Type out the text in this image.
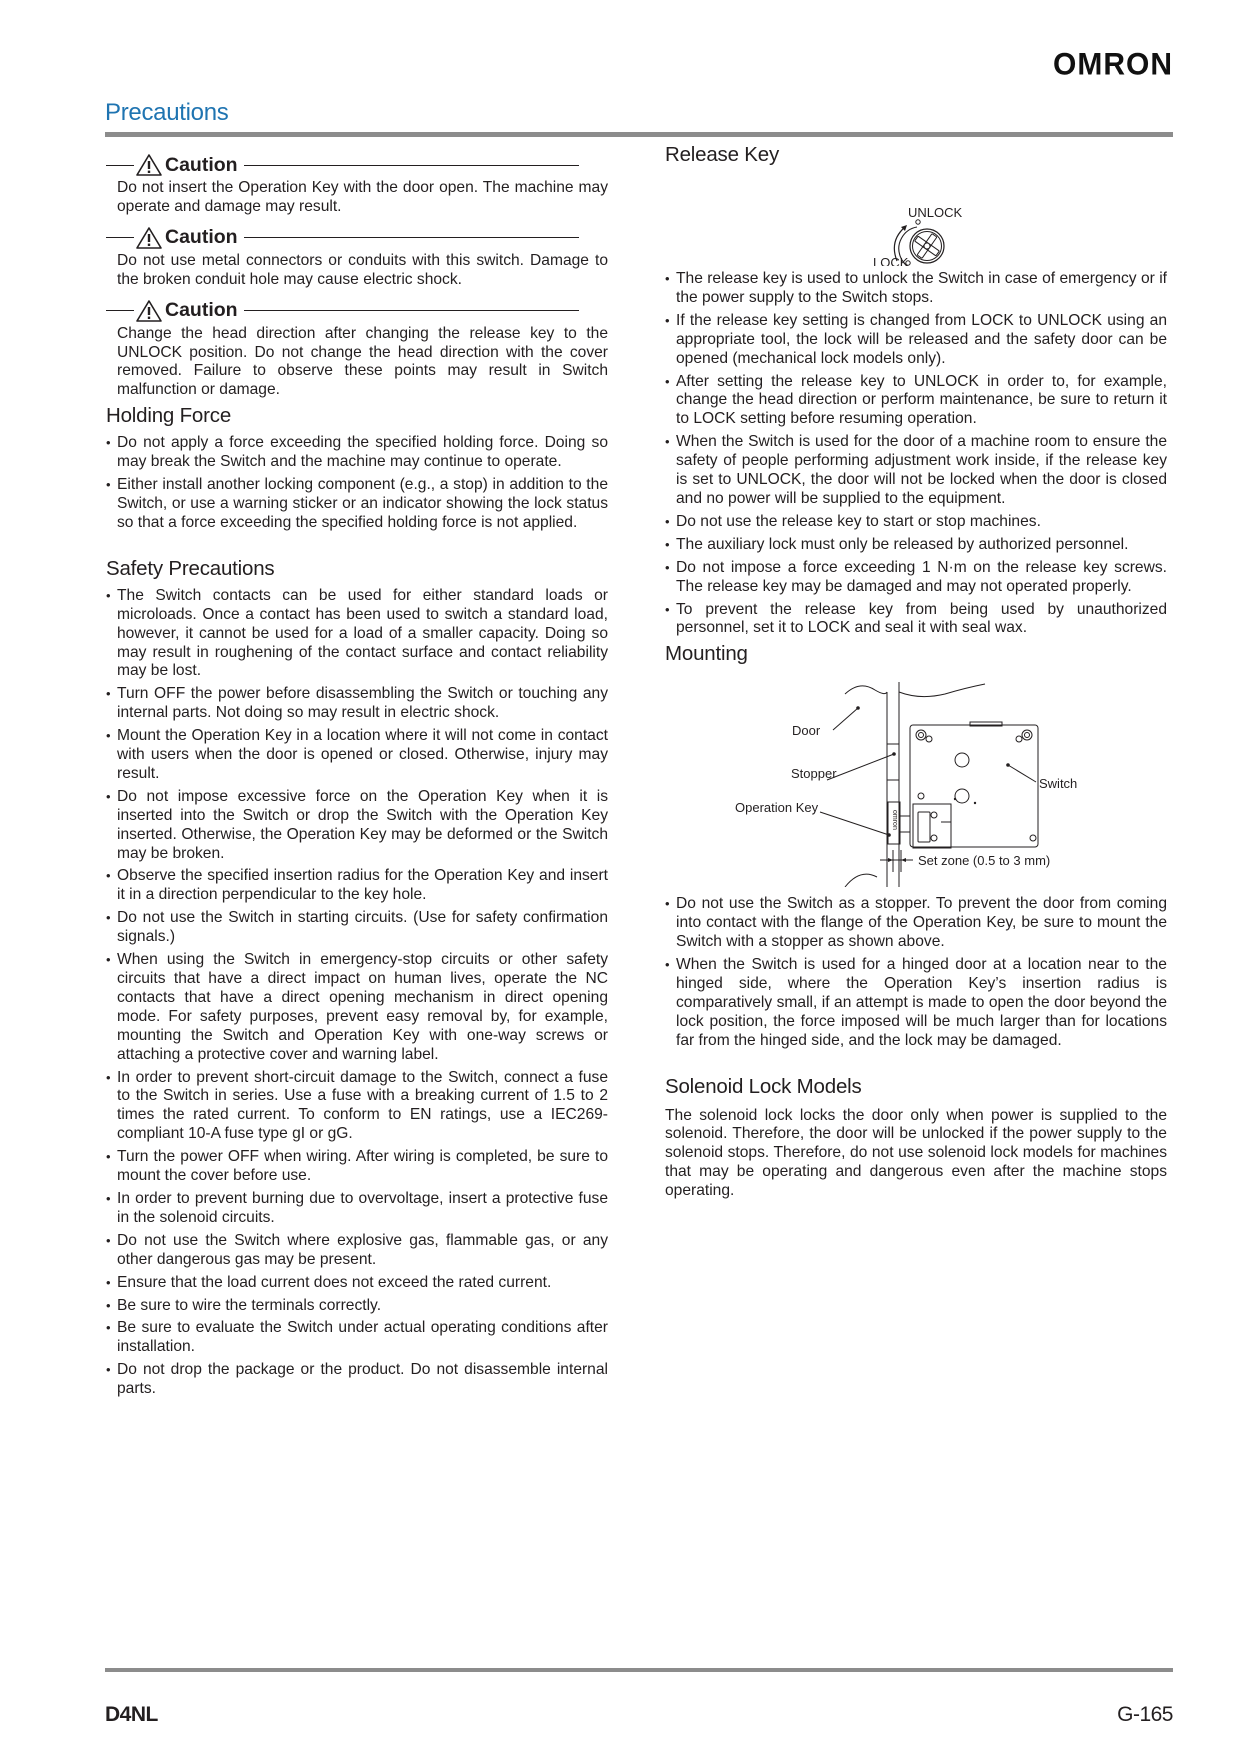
OMRON
Precautions
Caution
Do not insert the Operation Key with the door open. The machine may operate and damage may result.
Caution
Do not use metal connectors or conduits with this switch. Damage to the broken conduit hole may cause electric shock.
Caution
Change the head direction after changing the release key to the UNLOCK position. Do not change the head direction with the cover removed. Failure to observe these points may result in Switch malfunction or damage.
Holding Force
• Do not apply a force exceeding the specified holding force. Doing so may break the Switch and the machine may continue to operate.
• Either install another locking component (e.g., a stop) in addition to the Switch, or use a warning sticker or an indicator showing the lock status so that a force exceeding the specified holding force is not applied.
Safety Precautions
• The Switch contacts can be used for either standard loads or microloads. Once a contact has been used to switch a standard load, however, it cannot be used for a load of a smaller capacity. Doing so may result in roughening of the contact surface and contact reliability may be lost.
• Turn OFF the power before disassembling the Switch or touching any internal parts. Not doing so may result in electric shock.
• Mount the Operation Key in a location where it will not come in contact with users when the door is opened or closed. Otherwise, injury may result.
• Do not impose excessive force on the Operation Key when it is inserted into the Switch or drop the Switch with the Operation Key inserted. Otherwise, the Operation Key may be deformed or the Switch may be broken.
• Observe the specified insertion radius for the Operation Key and insert it in a direction perpendicular to the key hole.
• Do not use the Switch in starting circuits. (Use for safety confirmation signals.)
• When using the Switch in emergency-stop circuits or other safety circuits that have a direct impact on human lives, operate the NC contacts that have a direct opening mechanism in direct opening mode. For safety purposes, prevent easy removal by, for example, mounting the Switch and Operation Key with one-way screws or attaching a protective cover and warning label.
• In order to prevent short-circuit damage to the Switch, connect a fuse to the Switch in series. Use a fuse with a breaking current of 1.5 to 2 times the rated current. To conform to EN ratings, use a IEC269-compliant 10-A fuse type gI or gG.
• Turn the power OFF when wiring. After wiring is completed, be sure to mount the cover before use.
• In order to prevent burning due to overvoltage, insert a protective fuse in the solenoid circuits.
• Do not use the Switch where explosive gas, flammable gas, or any other dangerous gas may be present.
• Ensure that the load current does not exceed the rated current.
• Be sure to wire the terminals correctly.
• Be sure to evaluate the Switch under actual operating conditions after installation.
• Do not drop the package or the product. Do not disassemble internal parts.
Release Key
UNLOCK
LOCK
• The release key is used to unlock the Switch in case of emergency or if the power supply to the Switch stops.
• If the release key setting is changed from LOCK to UNLOCK using an appropriate tool, the lock will be released and the safety door can be opened (mechanical lock models only).
• After setting the release key to UNLOCK in order to, for example, change the head direction or perform maintenance, be sure to return it to LOCK setting before resuming operation.
• When the Switch is used for the door of a machine room to ensure the safety of people performing adjustment work inside, if the release key is set to UNLOCK, the door will not be locked when the door is closed and no power will be supplied to the equipment.
• Do not use the release key to start or stop machines.
• The auxiliary lock must only be released by authorized personnel.
• Do not impose a force exceeding 1 N·m on the release key screws. The release key may be damaged and may not operated properly.
• To prevent the release key from being used by unauthorized personnel, set it to LOCK and seal it with seal wax.
Mounting
omron
Door
Stopper
Operation Key
Switch
Set zone (0.5 to 3 mm)
• Do not use the Switch as a stopper. To prevent the door from coming into contact with the flange of the Operation Key, be sure to mount the Switch with a stopper as shown above.
• When the Switch is used for a hinged door at a location near to the hinged side, where the Operation Key’s insertion radius is comparatively small, if an attempt is made to open the door beyond the lock position, the force imposed will be much larger than for locations far from the hinged side, and the lock may be damaged.
Solenoid Lock Models
The solenoid lock locks the door only when power is supplied to the solenoid. Therefore, the door will be unlocked if the power supply to the solenoid stops. Therefore, do not use solenoid lock models for machines that may be operating and dangerous even after the machine stops operating.
D4NL	G-165
